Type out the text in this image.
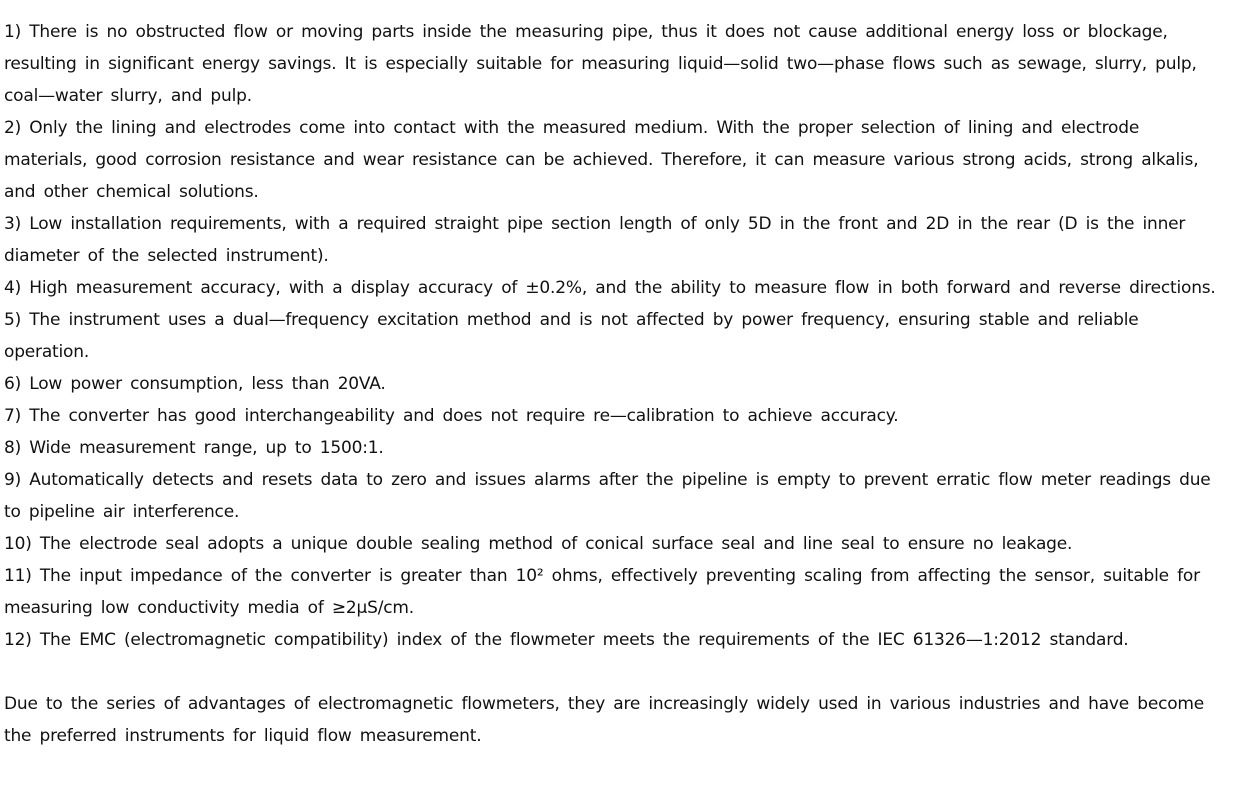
1) There is no obstructed flow or moving parts inside the measuring pipe, thus it does not cause additional energy loss or blockage, resulting in significant energy savings. It is especially suitable for measuring liquid—solid two—phase flows such as sewage, slurry, pulp, coal—water slurry, and pulp.

2) Only the lining and electrodes come into contact with the measured medium. With the proper selection of lining and electrode materials, good corrosion resistance and wear resistance can be achieved. Therefore, it can measure various strong acids, strong alkalis, and other chemical solutions.

3) Low installation requirements, with a required straight pipe section length of only 5D in the front and 2D in the rear (D is the inner diameter of the selected instrument).

4) High measurement accuracy, with a display accuracy of ±0.2%, and the ability to measure flow in both forward and reverse directions.

5) The instrument uses a dual—frequency excitation method and is not affected by power frequency, ensuring stable and reliable operation.

6) Low power consumption, less than 20VA.

7) The converter has good interchangeability and does not require re—calibration to achieve accuracy.

8) Wide measurement range, up to 1500:1.

9) Automatically detects and resets data to zero and issues alarms after the pipeline is empty to prevent erratic flow meter readings due to pipeline air interference.

10) The electrode seal adopts a unique double sealing method of conical surface seal and line seal to ensure no leakage.

11) The input impedance of the converter is greater than 10² ohms, effectively preventing scaling from affecting the sensor, suitable for measuring low conductivity media of ≥2μS/cm.

12) The EMC (electromagnetic compatibility) index of the flowmeter meets the requirements of the IEC 61326—1:2012 standard.

Due to the series of advantages of electromagnetic flowmeters, they are increasingly widely used in various industries and have become the preferred instruments for liquid flow measurement.
